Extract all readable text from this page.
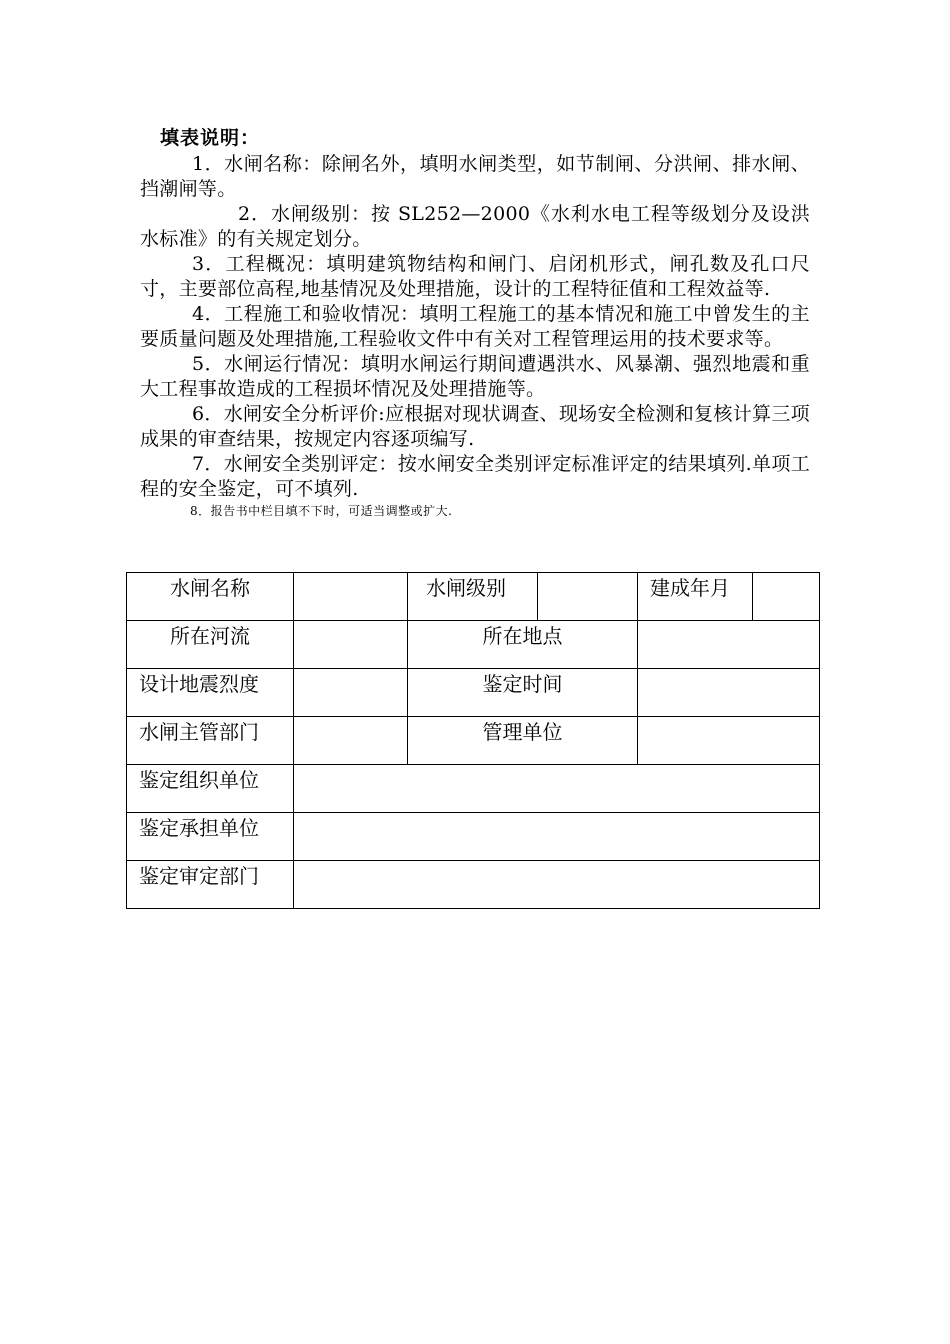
填表说明：

1．水闸名称：除闸名外，填明水闸类型，如节制闸、分洪闸、排水闸、挡潮闸等。

2．水闸级别：按 SL252—2000《水利水电工程等级划分及设洪水标准》的有关规定划分。

3．工程概况：填明建筑物结构和闸门、启闭机形式，闸孔数及孔口尺寸，主要部位高程,地基情况及处理措施，设计的工程特征值和工程效益等.

4．工程施工和验收情况：填明工程施工的基本情况和施工中曾发生的主要质量问题及处理措施,工程验收文件中有关对工程管理运用的技术要求等。

5．水闸运行情况：填明水闸运行期间遭遇洪水、风暴潮、强烈地震和重大工程事故造成的工程损坏情况及处理措施等。

6．水闸安全分析评价:应根据对现状调查、现场安全检测和复核计算三项成果的审查结果，按规定内容逐项编写.

7．水闸安全类别评定：按水闸安全类别评定标准评定的结果填列.单项工程的安全鉴定，可不填列.

8．报告书中栏目填不下时，可适当调整或扩大.

水闸名称		水闸级别		建成年月	
所在河流		所在地点			
设计地震烈度		鉴定时间			
水闸主管部门		管理单位			
鉴定组织单位					
鉴定承担单位					
鉴定审定部门					
